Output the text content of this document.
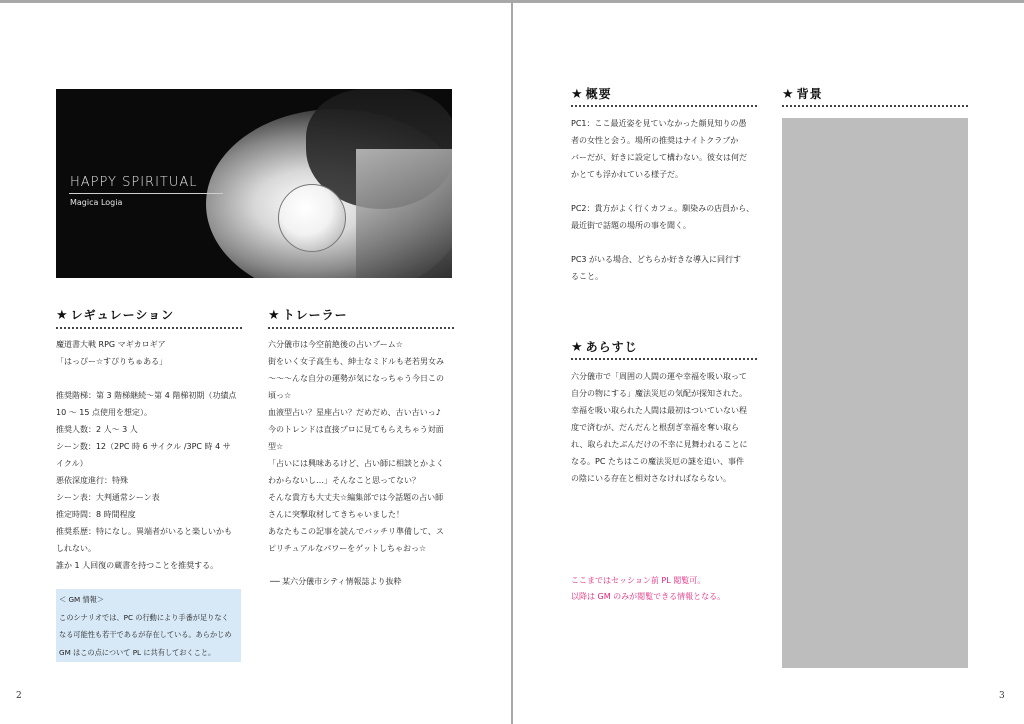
HAPPY SPIRITUAL
Magica Logia
★ レギュレーション
魔道書大戦 RPG マギカロギア
「はっぴー☆すぴりちゅある」

推奨階梯：第 3 階梯継続～第 4 階梯初期（功績点
10 ～ 15 点使用を想定）。
推奨人数：2 人～ 3 人
シーン数：12（2PC 時 6 サイクル /3PC 時 4 サ
イクル）
悪依深度進行：特殊
シーン表：大判通常シーン表
推定時間：8 時間程度
推奨系歴：特になし。異端者がいると楽しいかも
しれない。
誰か 1 人回復の蔵書を持つことを推奨する。
＜ GM 情報＞
このシナリオでは、PC の行動により手番が足りなく
なる可能性も若干であるが存在している。あらかじめ
GM はこの点について PL に共有しておくこと。
★ トレーラー
六分儀市は今空前絶後の占いブーム☆
街をいく女子高生も、紳士なミドルも老若男女み
～～～んな自分の運勢が気になっちゃう今日この
頃っ☆
血液型占い？星座占い？だめだめ、古い古いっ♪
今のトレンドは直接プロに見てもらえちゃう対面
型☆
「占いには興味あるけど、占い師に相談とかよく
わからないし…」そんなこと思ってない？
そんな貴方も大丈夫☆編集部では今話題の占い師
さんに突撃取材してきちゃいました！
あなたもこの記事を読んでバッチリ準備して、ス
ピリチュアルなパワーをゲットしちゃおっ☆
── 某六分儀市シティ情報誌より抜粋
2	3
★ 概要
PC1：ここ最近姿を見ていなかった顔見知りの愚
者の女性と会う。場所の推奨はナイトクラブか
バーだが、好きに設定して構わない。彼女は何だ
かとても浮かれている様子だ。
PC2：貴方がよく行くカフェ。馴染みの店員から、
最近街で話題の場所の事を聞く。
PC3 がいる場合、どちらか好きな導入に同行す
ること。
★ あらすじ
六分儀市で「周囲の人間の運や幸福を吸い取って
自分の物にする」魔法災厄の気配が探知された。
幸福を吸い取られた人間は最初はついていない程
度で済むが、だんだんと根刮ぎ幸福を奪い取ら
れ、取られたぶんだけの不幸に見舞われることに
なる。PC たちはこの魔法災厄の謎を追い、事件
の陰にいる存在と相対さなければならない。
ここまではセッション前 PL 閲覧可。
以降は GM のみが閲覧できる情報となる。
★ 背景
